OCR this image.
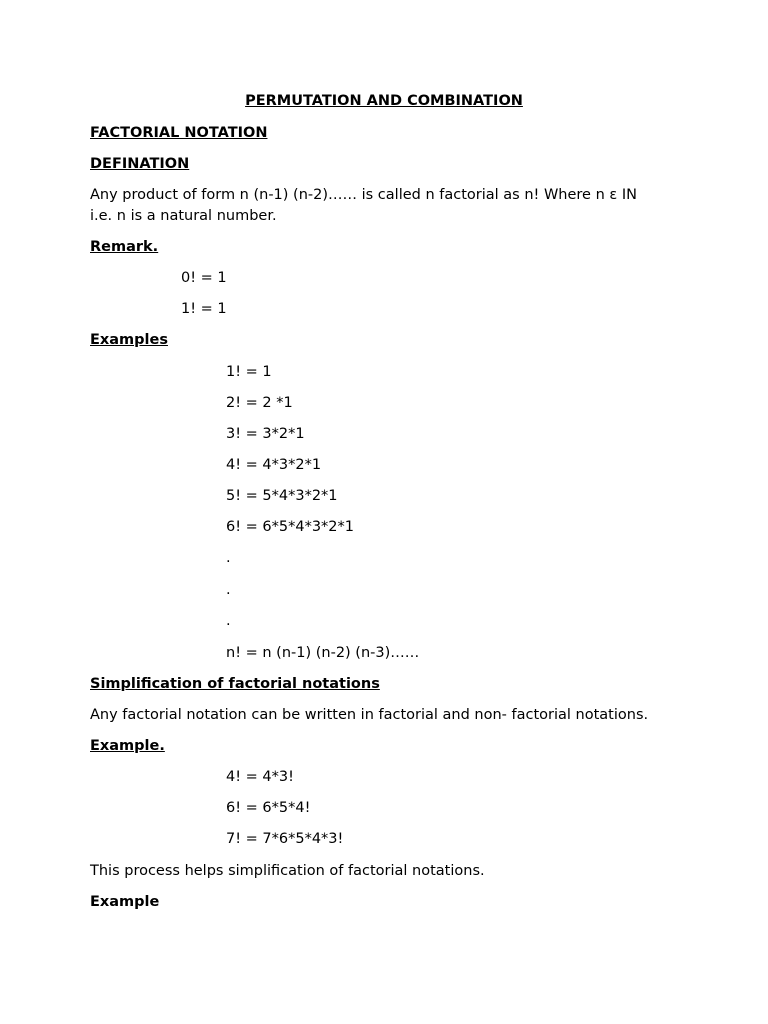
PERMUTATION AND COMBINATION
FACTORIAL NOTATION
DEFINATION
Any product of form n (n-1) (n-2)…… is called n factorial as n! Where n ε IN
i.e. n is a natural number.
Remark.
0! = 1
1! = 1
Examples
1! = 1
2! = 2 *1
3! = 3*2*1
4! = 4*3*2*1
5! = 5*4*3*2*1
6! = 6*5*4*3*2*1
.
.
.
n! = n (n-1) (n-2) (n-3)……
Simplification of factorial notations
Any factorial notation can be written in factorial and non- factorial notations.
Example.
4! = 4*3!
6! = 6*5*4!
7! = 7*6*5*4*3!
This process helps simplification of factorial notations.
Example
